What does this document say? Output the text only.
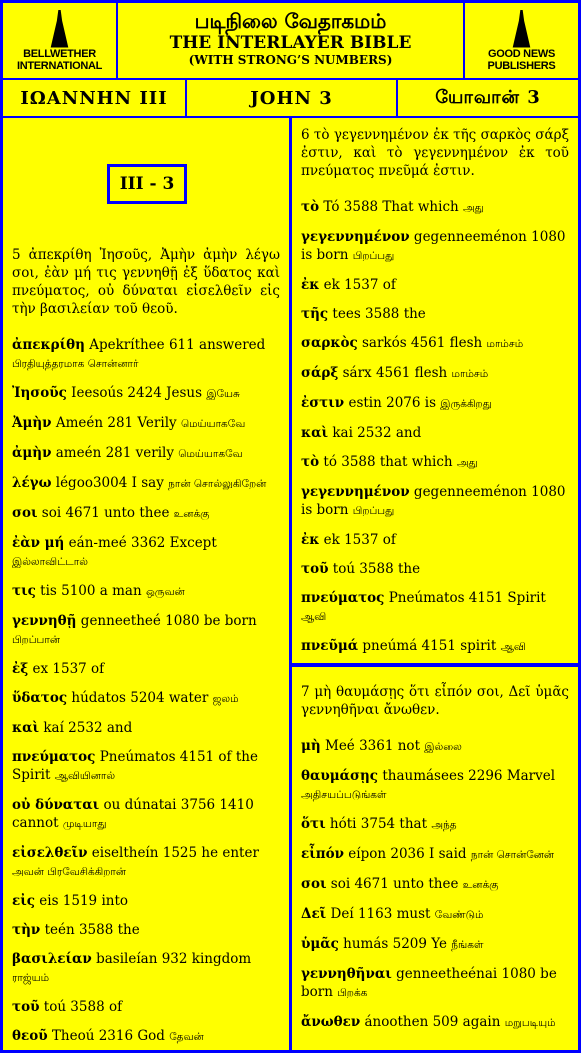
BELLWETHER INTERNATIONAL
படிநிலை வேதாகமம்
THE INTERLAYER BIBLE
(WITH STRONG’S NUMBERS)	GOOD NEWS PUBLISHERS
ΙΩΑΝΝΗΝ III	JOHN 3	யோவான் 3

5 ἀπεκρίθη Ἰησοῦς, Ἀμὴν ἀμὴν λέγω σοι, ἐὰν μή τις γεννηθῇ ἐξ ὕδατος καὶ πνεύματος, οὐ δύναται εἰσελθεῖν εἰς τὴν βασιλείαν τοῦ θεοῦ.

ἀπεκρίθη Apekríthee 611 answered பிரதியுத்தரமாக சொன்னார்
Ἰησοῦς Ieesoús 2424 Jesus இயேசு
Ἀμὴν Ameén 281 Verily மெய்யாகவே
ἀμὴν ameén 281 verily மெய்யாகவே
λέγω légoo3004 I say நான் சொல்லுகிறேன்
σοι soi 4671 unto thee உனக்கு
ἐὰν μή eán-meé 3362 Except இல்லாவிட்டால்
τις tis 5100 a man ஒருவன்
γεννηθῇ genneetheé 1080 be born பிறப்பான்
ἐξ ex 1537 of
ὕδατος húdatos 5204 water ஜலம்
καὶ kaí 2532 and
πνεύματος Pneúmatos 4151 of the Spirit ஆவியினால்
οὐ δύναται ou dúnatai 3756 1410 cannot முடியாது
εἰσελθεῖν eiseltheín 1525 he enter அவன் பிரவேசிக்கிறான்
εἰς eis 1519 into
τὴν teén 3588 the
βασιλείαν basileían 932 kingdom ராஜ்யம்
τοῦ toú 3588 of
θεοῦ Theoú 2316 God தேவன்
III - 3

6 τὸ γεγεννημένον ἐκ τῆς σαρκὸς σάρξ ἐστιν, καὶ τὸ γεγεννημένον ἐκ τοῦ πνεύματος πνεῦμά ἐστιν.

τὸ Tó 3588 That which அது
γεγεννημένον gegenneeménon 1080 is born பிறப்பது
ἐκ ek 1537 of
τῆς tees 3588 the
σαρκὸς sarkós 4561 flesh மாம்சம்
σάρξ sárx 4561 flesh மாம்சம்
ἐστιν estin 2076 is இருக்கிறது
καὶ kai 2532 and
τὸ tó 3588 that which அது
γεγεννημένον gegenneeménon 1080 is born பிறப்பது
ἐκ ek 1537 of
τοῦ toú 3588 the
πνεύματος Pneúmatos 4151 Spirit ஆவி
πνεῦμά pneúmá 4151 spirit ஆவி

7 μὴ θαυμάσῃς ὅτι εἶπόν σοι, Δεῖ ὑμᾶς γεννηθῆναι ἄνωθεν.

μὴ Meé 3361 not இல்லை
θαυμάσῃς thaumásees 2296 Marvel அதிசயப்படுங்கள்
ὅτι hóti 3754 that அந்த
εἶπόν eípon 2036 I said நான் சொன்னேன்
σοι soi 4671 unto thee உனக்கு
Δεῖ Deí 1163 must வேண்டும்
ὑμᾶς humás 5209 Ye நீங்கள்
γεννηθῆναι genneetheénai 1080 be born பிறக்க
ἄνωθεν ánoothen 509 again மறுபடியும்
